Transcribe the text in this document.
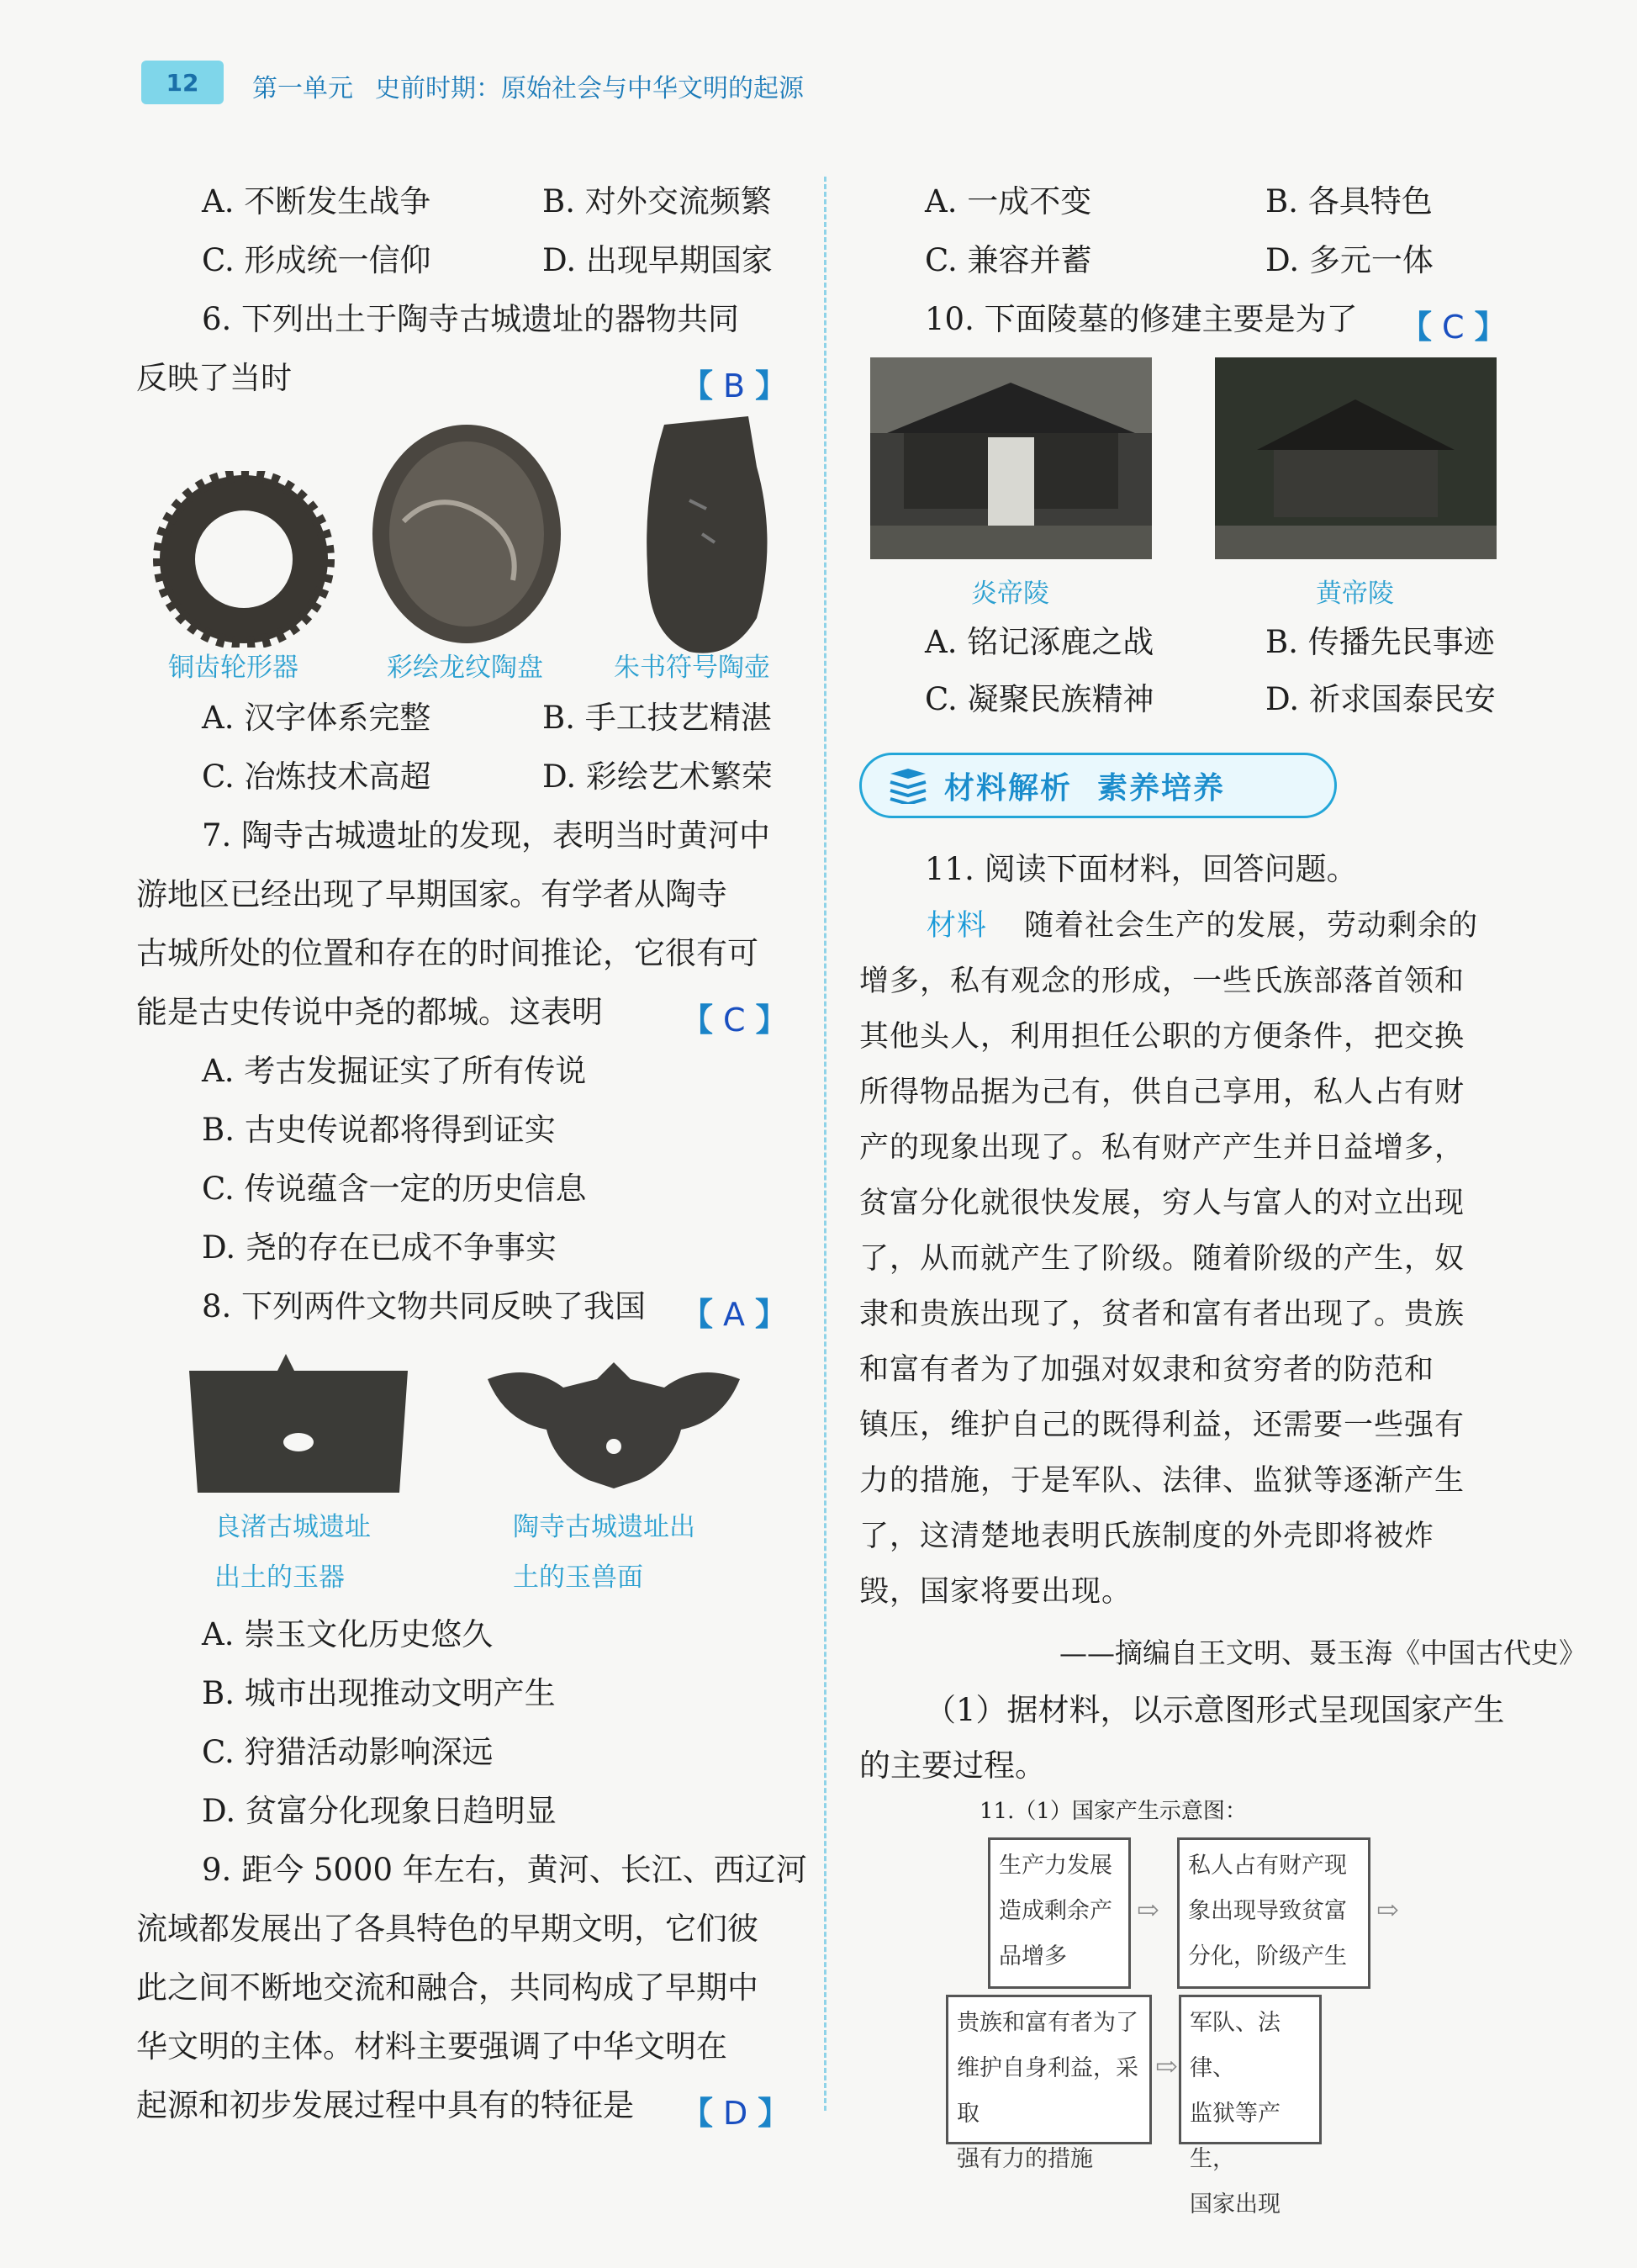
12	第一单元 史前时期：原始社会与中华文明的起源
A. 不断发生战争	B. 对外交流频繁
C. 形成统一信仰	D. 出现早期国家
6. 下列出土于陶寺古城遗址的器物共同
反映了当时	【 B 】
铜齿轮形器	彩绘龙纹陶盘	朱书符号陶壶
A. 汉字体系完整	B. 手工技艺精湛
C. 冶炼技术高超	D. 彩绘艺术繁荣
7. 陶寺古城遗址的发现，表明当时黄河中
游地区已经出现了早期国家。有学者从陶寺
古城所处的位置和存在的时间推论，它很有可
能是古史传说中尧的都城。这表明 【 C 】
A. 考古发掘证实了所有传说
B. 古史传说都将得到证实
C. 传说蕴含一定的历史信息
D. 尧的存在已成不争事实
8. 下列两件文物共同反映了我国 【 A 】
良渚古城遗址
出土的玉器
陶寺古城遗址出
土的玉兽面
A. 崇玉文化历史悠久
B. 城市出现推动文明产生
C. 狩猎活动影响深远
D. 贫富分化现象日趋明显
9. 距今 5000 年左右，黄河、长江、西辽河
流域都发展出了各具特色的早期文明，它们彼
此之间不断地交流和融合，共同构成了早期中
华文明的主体。材料主要强调了中华文明在
起源和初步发展过程中具有的特征是 【 D 】
A. 一成不变	B. 各具特色
C. 兼容并蓄	D. 多元一体
10. 下面陵墓的修建主要是为了 【 C 】
炎帝陵	黄帝陵
A. 铭记涿鹿之战	B. 传播先民事迹
C. 凝聚民族精神	D. 祈求国泰民安
材料解析 素养培养
11. 阅读下面材料，回答问题。
材料 随着社会生产的发展，劳动剩余的
增多，私有观念的形成，一些氏族部落首领和
其他头人，利用担任公职的方便条件，把交换
所得物品据为己有，供自己享用，私人占有财
产的现象出现了。私有财产产生并日益增多，
贫富分化就很快发展，穷人与富人的对立出现
了，从而就产生了阶级。随着阶级的产生，奴
隶和贵族出现了，贫者和富有者出现了。贵族
和富有者为了加强对奴隶和贫穷者的防范和
镇压，维护自己的既得利益，还需要一些强有
力的措施，于是军队、法律、监狱等逐渐产生
了，这清楚地表明氏族制度的外壳即将被炸
毁，国家将要出现。
——摘编自王文明、聂玉海《中国古代史》
（1）据材料，以示意图形式呈现国家产生
的主要过程。
11.（1）国家产生示意图：
生产力发展
造成剩余产
品增多
⇨
私人占有财产现
象出现导致贫富
分化，阶级产生
⇨
贵族和富有者为了
维护自身利益，采取
强有力的措施
⇨
军队、法律、
监狱等产生，
国家出现
